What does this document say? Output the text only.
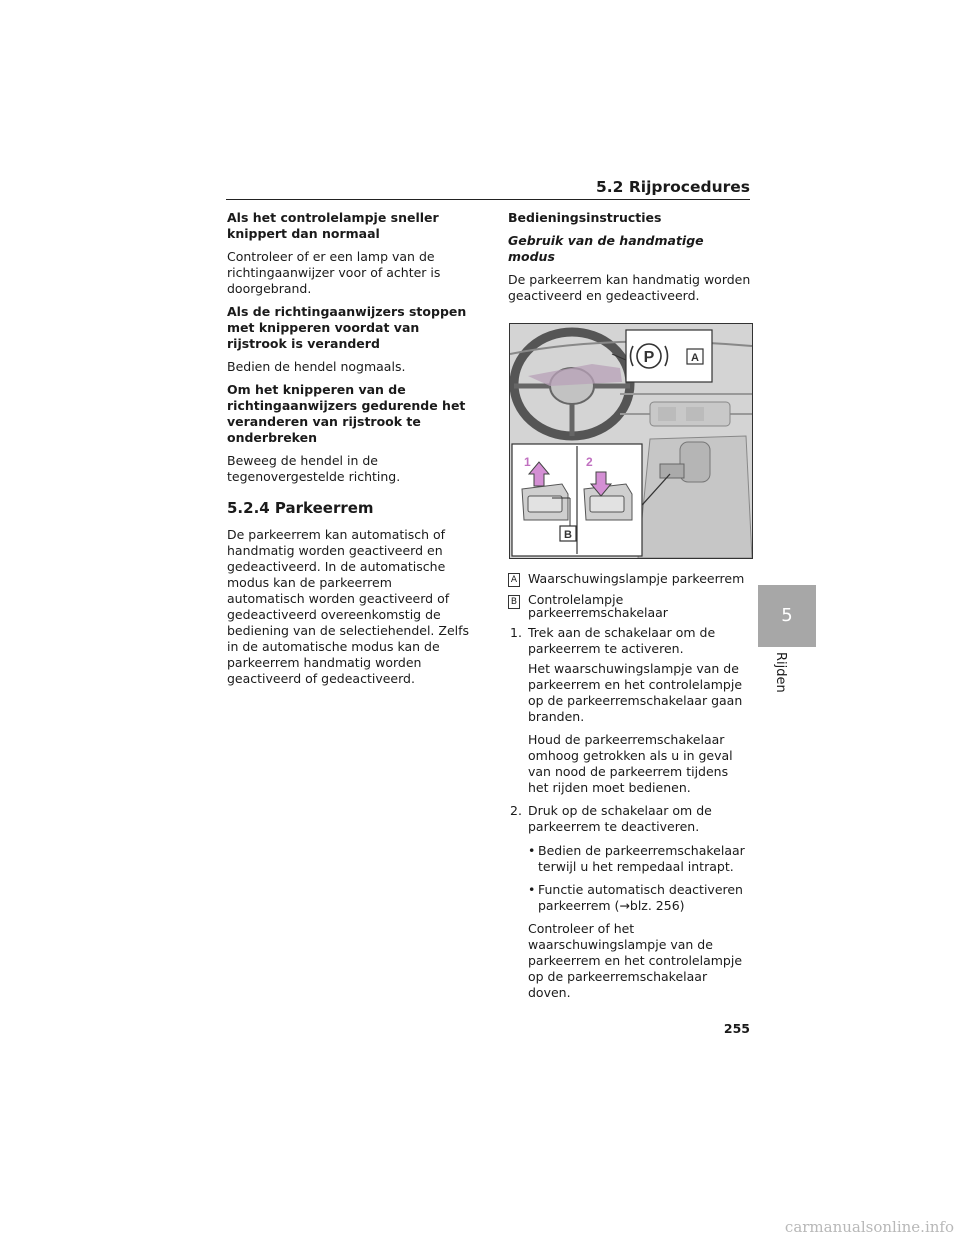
5.2 Rijprocedures

Als het controlelampje sneller knippert dan normaal

Controleer of er een lamp van de richtingaanwijzer voor of achter is doorgebrand.

Als de richtingaanwijzers stoppen met knipperen voordat van rijstrook is veranderd

Bedien de hendel nogmaals.

Om het knipperen van de richtingaanwijzers gedurende het veranderen van rijstrook te onderbreken

Beweeg de hendel in de tegenovergestelde richting.

5.2.4 Parkeerrem

De parkeerrem kan automatisch of handmatig worden geactiveerd en gedeactiveerd. In de automatische modus kan de parkeerrem automatisch worden geactiveerd of gedeactiveerd overeenkomstig de bediening van de selectiehendel. Zelfs in de automatische modus kan de parkeerrem handmatig worden geactiveerd of gedeactiveerd.

Bedieningsinstructies

Gebruik van de handmatige modus

De parkeerrem kan handmatig worden geactiveerd en gedeactiveerd.

P	A
1	2
B
A Waarschuwingslampje parkeerrem
B Controlelampje parkeerremschakelaar
1. Trek aan de schakelaar om de parkeerrem te activeren.

Het waarschuwingslampje van de parkeerrem en het controlelampje op de parkeerremschakelaar gaan branden.

Houd de parkeerremschakelaar omhoog getrokken als u in geval van nood de parkeerrem tijdens het rijden moet bedienen.

2. Druk op de schakelaar om de parkeerrem te deactiveren.
• Bedien de parkeerremschakelaar terwijl u het rempedaal intrapt.
• Functie automatisch deactiveren parkeerrem (→blz. 256)

Controleer of het waarschuwingslampje van de parkeerrem en het controlelampje op de parkeerremschakelaar doven.

5
Rijden
255
carmanualsonline.info
